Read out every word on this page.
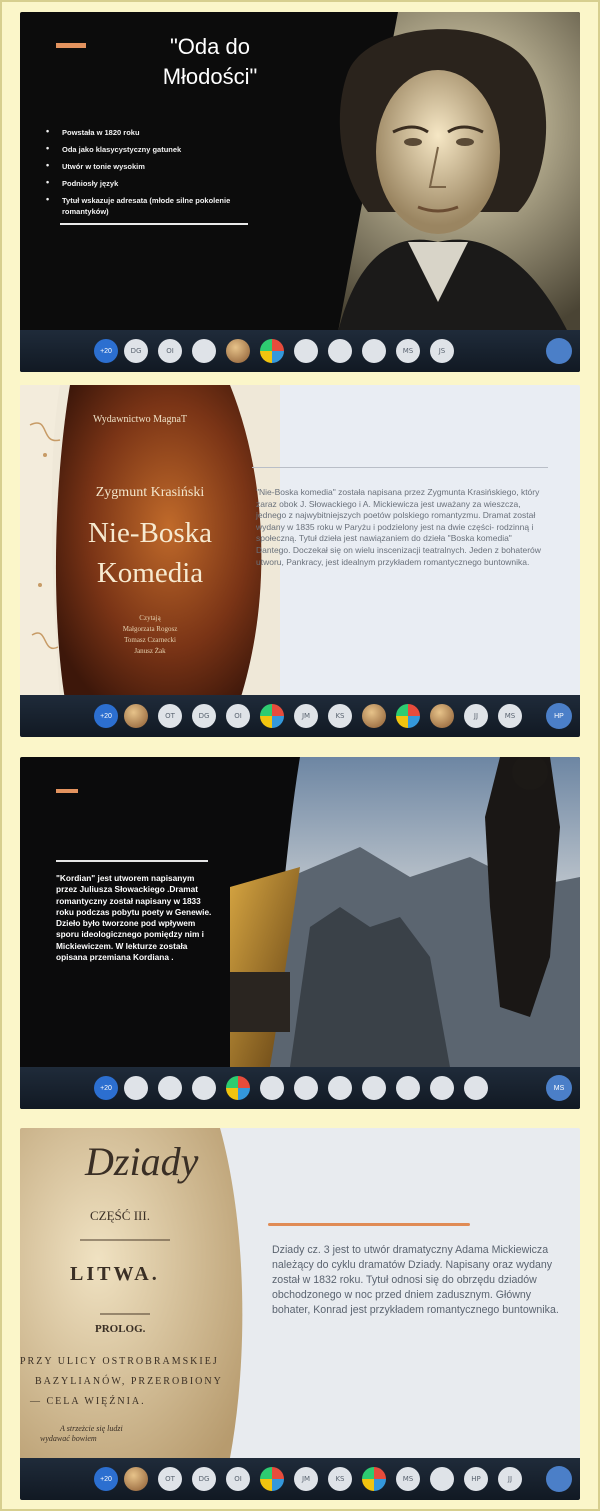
"Oda do Młodości"
• Powstała w 1820 roku
• Oda jako klasycystyczny gatunek
• Utwór w tonie wysokim
• Podniosły język
• Tytuł wskazuje adresata (młode silne pokolenie romantyków)
+20	DG	OI	MS	JS
Wydawnictwo MagnaT
Zygmunt Krasiński
Nie-Boska
Komedia
Czytają
Małgorzata Rogosz
Tomasz Czarnecki
Janusz Żak
"Nie-Boska komedia" została napisana przez Zygmunta Krasińskiego, który zaraz obok J. Słowackiego i A. Mickiewicza jest uważany za wieszcza, jednego z najwybitniejszych poetów polskiego romantyzmu. Dramat został wydany w 1835 roku w Paryżu i podzielony jest na dwie części- rodzinną i społeczną. Tytuł dzieła jest nawiązaniem do dzieła "Boska komedia" Dantego. Doczekał się on wielu inscenizacji teatralnych. Jeden z bohaterów utworu, Pankracy, jest idealnym przykładem romantycznego buntownika.
+20	OT	DG	OI	JM	KS	JJ	MS	HP
"Kordian" jest utworem napisanym przez Juliusza Słowackiego .Dramat romantyczny został napisany w 1833 roku podczas pobytu poety w Genewie. Dzieło było tworzone pod wpływem sporu ideologicznego pomiędzy nim i Mickiewiczem. W lekturze została opisana przemiana Kordiana .
+20	MS
Dziady
CZĘŚĆ III.
LITWA.
PROLOG.
PRZY ULICY OSTROBRAMSKIEJ
BAZYLIANÓW, PRZEROBIONY
— CELA WIĘŹNIA.
A strzeżcie się ludzi
wydawać bowiem
Dziady cz. 3 jest to utwór dramatyczny Adama Mickiewicza należący do cyklu dramatów Dziady. Napisany oraz wydany został w 1832 roku. Tytuł odnosi się do obrzędu dziadów obchodzonego w noc przed dniem zadusznym. Główny bohater, Konrad jest przykładem romantycznego buntownika.
+20	OT	DG	OI	JM	KS	MS	HP	JJ
